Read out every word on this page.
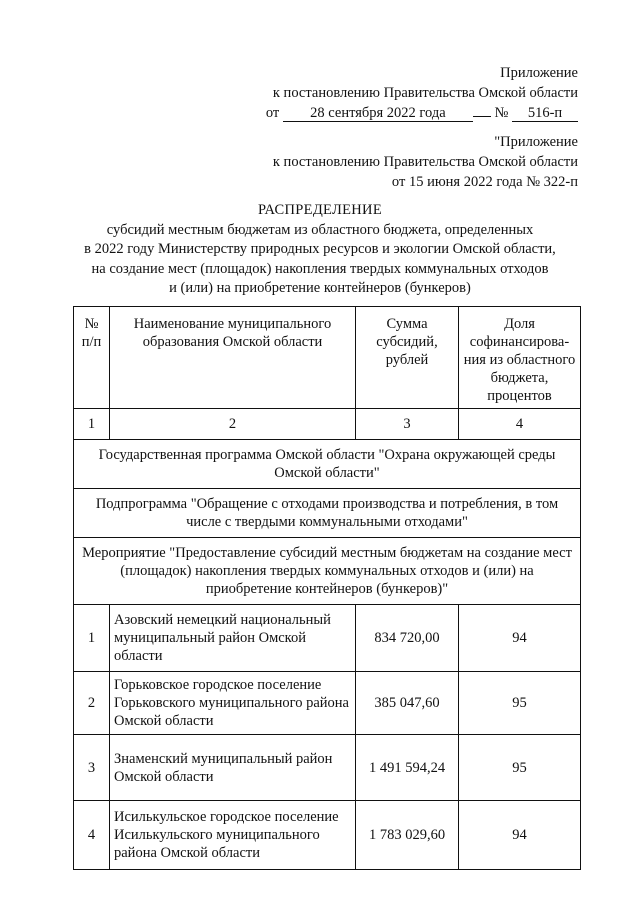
Приложение
к постановлению Правительства Омской области
от 28 сентября 2022 года	№ 516-п
"Приложение
к постановлению Правительства Омской области
от 15 июня 2022 года № 322-п
РАСПРЕДЕЛЕНИЕ
субсидий местным бюджетам из областного бюджета, определенных
в 2022 году Министерству природных ресурсов и экологии Омской области,
на создание мест (площадок) накопления твердых коммунальных отходов
и (или) на приобретение контейнеров (бункеров)
№ п/п	Наименование муниципального образования Омской области	Сумма субсидий, рублей	Доля софинансирова-ния из областного бюджета, процентов
1	2	3	4
Государственная программа Омской области "Охрана окружающей среды Омской области"			
Подпрограмма "Обращение с отходами производства и потребления, в том числе с твердыми коммунальными отходами"			
Мероприятие "Предоставление субсидий местным бюджетам на создание мест (площадок) накопления твердых коммунальных отходов и (или) на приобретение контейнеров (бункеров)"			
1	Азовский немецкий национальный муниципальный район Омской области	834 720,00	94
2	Горьковское городское поселение Горьковского муниципального района Омской области	385 047,60	95
3	Знаменский муниципальный район Омской области	1 491 594,24	95
4	Исилькульское городское поселение Исилькульского муниципального района Омской области	1 783 029,60	94
